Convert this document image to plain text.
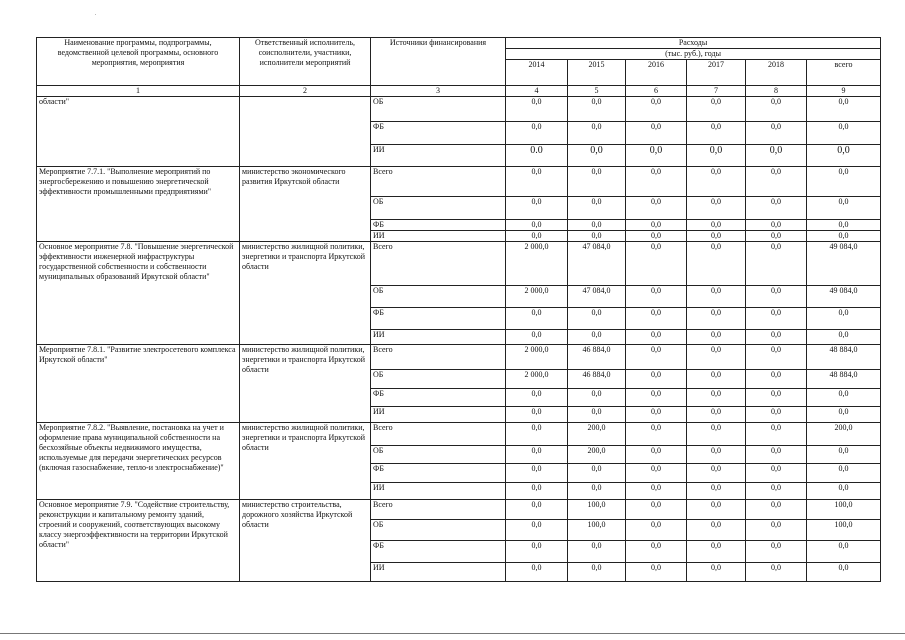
Наименование программы, подпрограммы, ведомственной целевой программы, основного мероприятия, мероприятия	Ответственный исполнитель, соисполнители, участники, исполнители мероприятий	Источники финансирования	Расходы					
			(тыс. руб.), годы					
			2014	2015	2016	2017	2018	всего
1	2	3	4	5	6	7	8	9
области"		ОБ	0,0	0,0	0,0	0,0	0,0	0,0
		ФБ	0,0	0,0	0,0	0,0	0,0	0,0
		ИИ	0.0	0,0	0,0	0,0	0,0	0,0
Мероприятие 7.7.1. "Выполнение мероприятий по энергосбережению и повышению энергетической эффективности промышленными предприятиями"	министерство экономического развития Иркутской области	Всего	0,0	0,0	0,0	0,0	0,0	0,0
		ОБ	0,0	0,0	0,0	0,0	0,0	0,0
		ФБ	0,0	0,0	0,0	0,0	0,0	0,0
		ИИ	0,0	0,0	0,0	0,0	0,0	0,0
Основное мероприятие 7.8. "Повышение энергетической эффективности инженерной инфраструктуры государственной собственности и собственности муниципальных образований Иркутской области"	министерство жилищной политики, энергетики и транспорта Иркутской области	Всего	2 000,0	47 084,0	0,0	0,0	0,0	49 084,0
		ОБ	2 000,0	47 084,0	0,0	0,0	0,0	49 084,0
		ФБ	0,0	0,0	0,0	0,0	0,0	0,0
		ИИ	0,0	0,0	0,0	0,0	0,0	0,0
Мероприятие 7.8.1. "Развитие электросетевого комплекса Иркутской области"	министерство жилищной политики, энергетики и транспорта Иркутской области	Всего	2 000,0	46 884,0	0,0	0,0	0,0	48 884,0
		ОБ	2 000,0	46 884,0	0,0	0,0	0,0	48 884,0
		ФБ	0,0	0,0	0,0	0,0	0,0	0,0
		ИИ	0,0	0,0	0,0	0,0	0,0	0,0
Мероприятие 7.8.2. "Выявление, постановка на учет и оформление права муниципальной собственности на бесхозяйные объекты недвижимого имущества, используемые для передачи энергетических ресурсов (включая газоснабжение, тепло-и электроснабжение)"	министерство жилищной политики, энергетики и транспорта Иркутской области	Всего	0,0	200,0	0,0	0,0	0,0	200,0
		ОБ	0,0	200,0	0,0	0,0	0,0	0,0
		ФБ	0,0	0,0	0,0	0,0	0,0	0,0
		ИИ	0,0	0,0	0,0	0,0	0,0	0,0
Основное мероприятие 7.9. "Содействие строительству, реконструкции и капитальному ремонту зданий, строений и сооружений, соответствующих высокому классу энергоэффективности на территории Иркутской области"	министерство строительства, дорожного хозяйства Иркутской области	Всего	0,0	100,0	0,0	0,0	0,0	100,0
		ОБ	0,0	100,0	0,0	0,0	0,0	100,0
		ФБ	0,0	0,0	0,0	0,0	0,0	0,0
		ИИ	0,0	0,0	0,0	0,0	0,0	0,0
